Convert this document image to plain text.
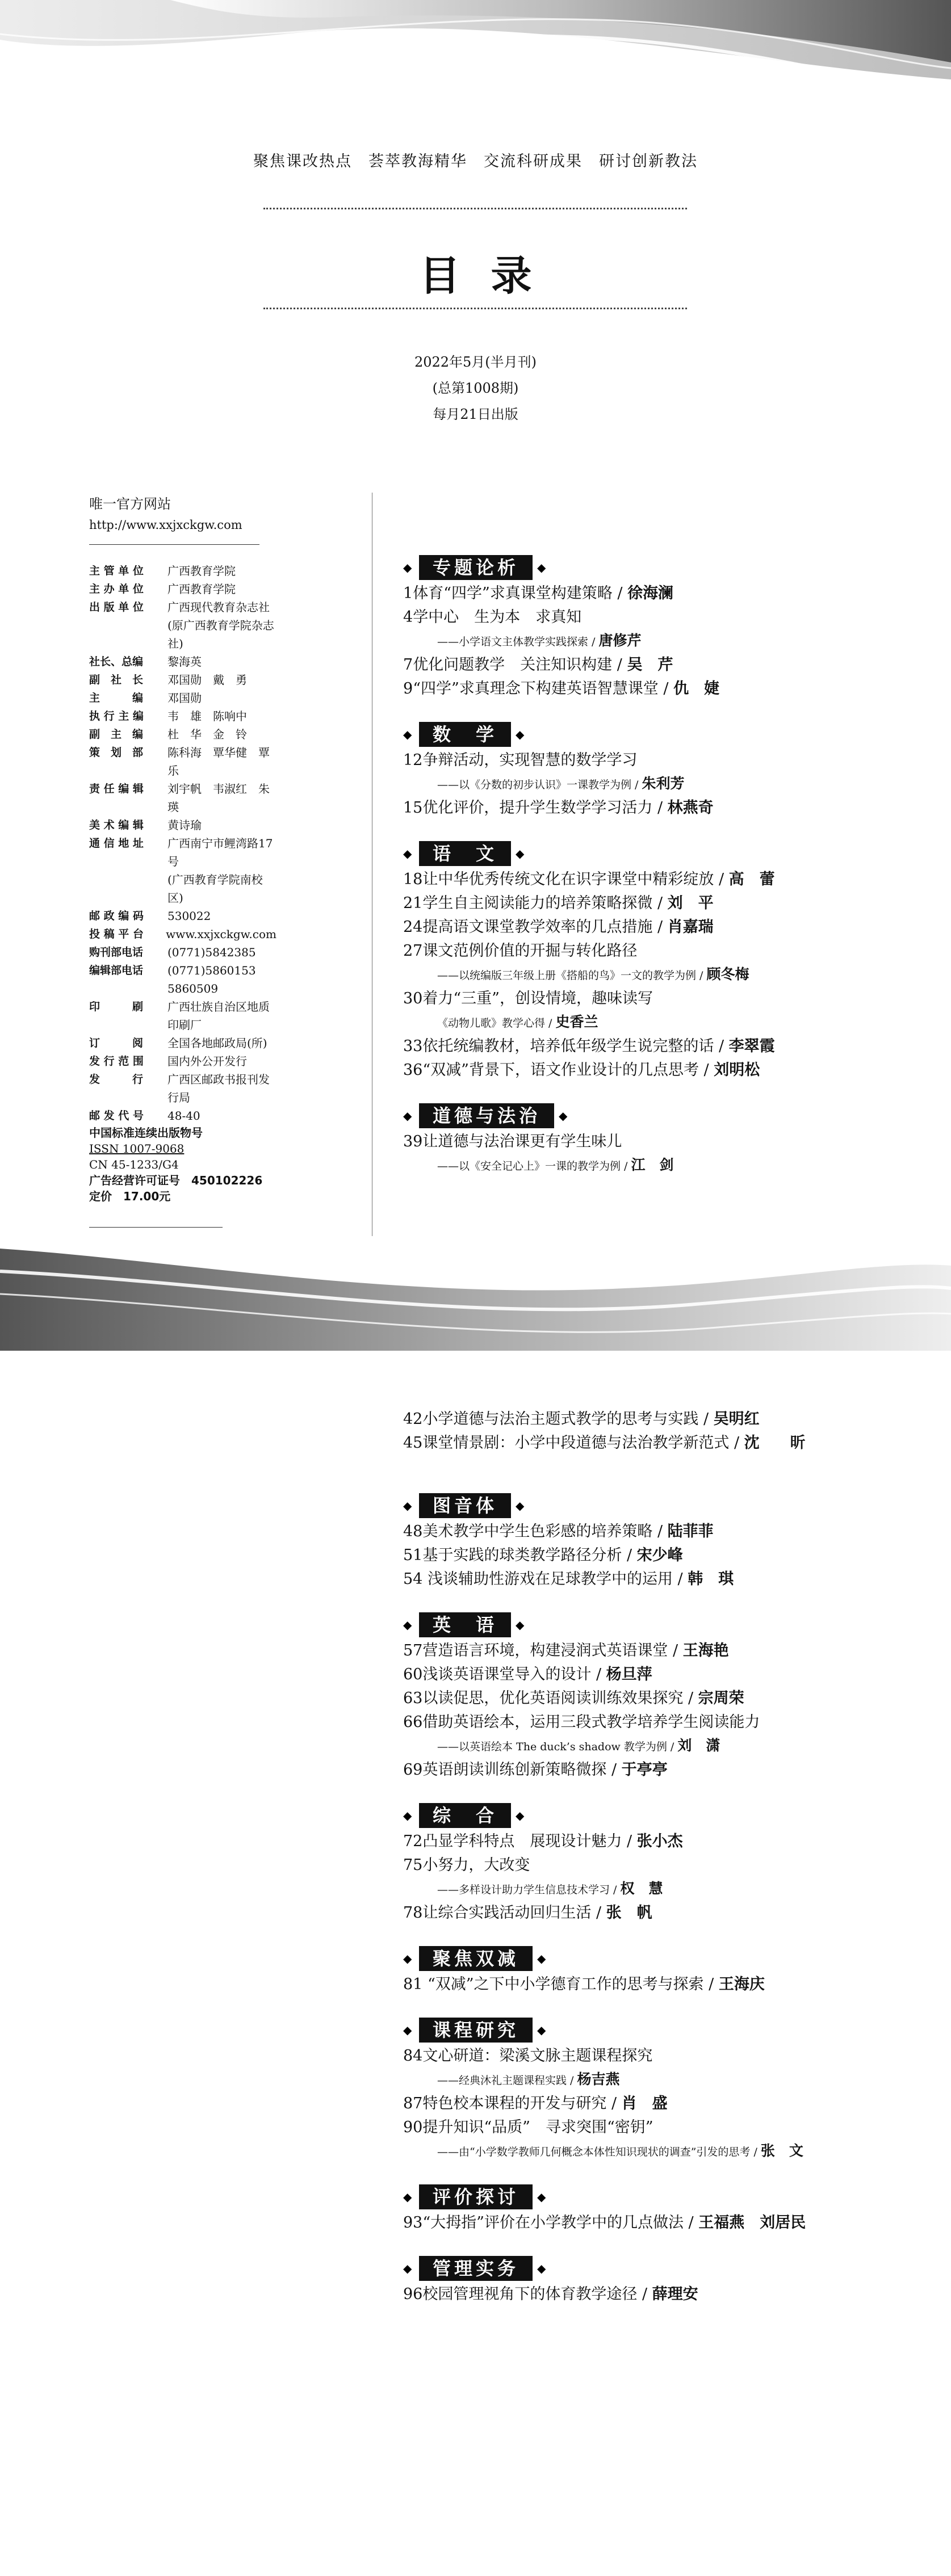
聚焦课改热点　荟萃教海精华　交流科研成果　研讨创新教法
目录
2022年5月(半月刊)
(总第1008期)
每月21日出版
唯一官方网站
http://www.xxjxckgw.com
主 管 单 位	广西教育学院
主 办 单 位	广西教育学院
出 版 单 位	广西现代教育杂志社
(原广西教育学院杂志社)
社长、总编	黎海英
副　社　长	邓国勋　戴　勇
主　　　编	邓国勋
执 行 主 编	韦　雄　陈响中
副　主　编	杜　华　金　铃
策　划　部	陈科海　覃华健　覃　乐
责 任 编 辑	刘宇帆　韦淑红　朱　瑛
美 术 编 辑	黄诗瑜
通 信 地 址	广西南宁市鲤湾路17号
(广西教育学院南校区)
邮 政 编 码	530022
投 稿 平 台	www.xxjxckgw.com
购刊部电话	(0771)5842385
编辑部电话	(0771)5860153　5860509
印　　　刷	广西壮族自治区地质印刷厂
订　　　阅	全国各地邮政局(所)
发 行 范 围	国内外公开发行
发　　　行	广西区邮政书报刊发行局
邮 发 代 号	48-40
中国标准连续出版物号
ISSN 1007-9068
CN 45-1233/G4
广告经营许可证号　450102226
定价　17.00元
◆	专题论析	◆
1体育“四学”求真课堂构建策略 / 徐海澜
4学中心　生为本　求真知
——小学语文主体教学实践探索 / 唐修芹
7优化问题教学　关注知识构建 / 吴　芹
9“四学”求真理念下构建英语智慧课堂 / 仇　婕
◆	数　学	◆
12争辩活动，实现智慧的数学学习
——以《分数的初步认识》一课教学为例 / 朱利芳
15优化评价，提升学生数学学习活力 / 林燕奇
◆	语　文	◆
18让中华优秀传统文化在识字课堂中精彩绽放 / 高　蕾
21学生自主阅读能力的培养策略探微 / 刘　平
24提高语文课堂教学效率的几点措施 / 肖嘉瑞
27课文范例价值的开掘与转化路径
——以统编版三年级上册《搭船的鸟》一文的教学为例 / 顾冬梅
30着力“三重”，创设情境，趣味读写
《动物儿歌》教学心得 / 史香兰
33依托统编教材，培养低年级学生说完整的话 / 李翠霞
36“双减”背景下，语文作业设计的几点思考 / 刘明松
◆	道德与法治	◆
39让道德与法治课更有学生味儿
——以《安全记心上》一课的教学为例 / 江　剑
42小学道德与法治主题式教学的思考与实践 / 吴明红
45课堂情景剧：小学中段道德与法治教学新范式 / 沈　　昕
◆	图音体	◆
48美术教学中学生色彩感的培养策略 / 陆菲菲
51基于实践的球类教学路径分析 / 宋少峰
54 浅谈辅助性游戏在足球教学中的运用 / 韩　琪
◆	英　语	◆
57营造语言环境，构建浸润式英语课堂 / 王海艳
60浅谈英语课堂导入的设计 / 杨旦萍
63以读促思，优化英语阅读训练效果探究 / 宗周荣
66借助英语绘本，运用三段式教学培养学生阅读能力
——以英语绘本 The duck’s shadow 教学为例 / 刘　潇
69英语朗读训练创新策略微探 / 于亭亭
◆	综　合	◆
72凸显学科特点　展现设计魅力 / 张小杰
75小努力，大改变
——多样设计助力学生信息技术学习 / 权　慧
78让综合实践活动回归生活 / 张　帆
◆	聚焦双减	◆
81 “双减”之下中小学德育工作的思考与探索 / 王海庆
◆	课程研究	◆
84文心研道：梁溪文脉主题课程探究
——经典沐礼主题课程实践 / 杨吉燕
87特色校本课程的开发与研究 / 肖　盛
90提升知识“品质”　寻求突围“密钥”
——由“小学数学教师几何概念本体性知识现状的调查”引发的思考 / 张　文
◆	评价探讨	◆
93“大拇指”评价在小学教学中的几点做法 / 王福燕　刘居民
◆	管理实务	◆
96校园管理视角下的体育教学途径 / 薛理安
